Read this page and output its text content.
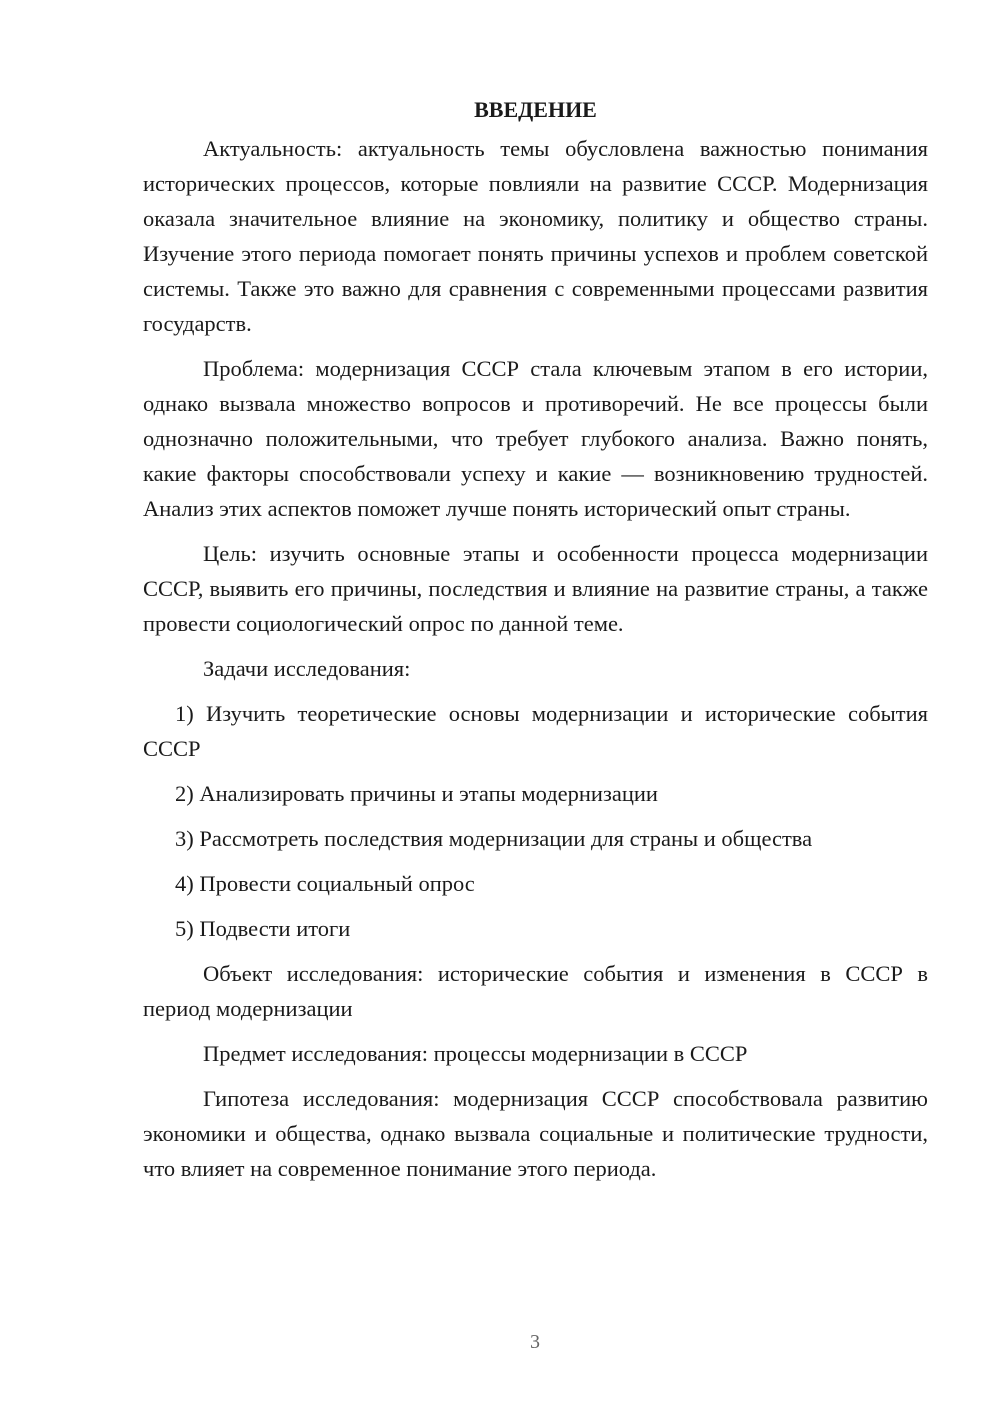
ВВЕДЕНИЕ

Актуальность: актуальность темы обусловлена важностью понимания исторических процессов, которые повлияли на развитие СССР. Модернизация оказала значительное влияние на экономику, политику и общество страны. Изучение этого периода помогает понять причины успехов и проблем советской системы. Также это важно для сравнения с современными процессами развития государств.

Проблема: модернизация СССР стала ключевым этапом в его истории, однако вызвала множество вопросов и противоречий. Не все процессы были однозначно положительными, что требует глубокого анализа. Важно понять, какие факторы способствовали успеху и какие — возникновению трудностей. Анализ этих аспектов поможет лучше понять исторический опыт страны.

Цель: изучить основные этапы и особенности процесса модернизации СССР, выявить его причины, последствия и влияние на развитие страны, а также провести социологический опрос по данной теме.

Задачи исследования:

1) Изучить теоретические основы модернизации и исторические события СССР

2) Анализировать причины и этапы модернизации

3) Рассмотреть последствия модернизации для страны и общества

4) Провести социальный опрос

5) Подвести итоги

Объект исследования: исторические события и изменения в СССР в период модернизации

Предмет исследования: процессы модернизации в СССР

Гипотеза исследования: модернизация СССР способствовала развитию экономики и общества, однако вызвала социальные и политические трудности, что влияет на современное понимание этого периода.

3
